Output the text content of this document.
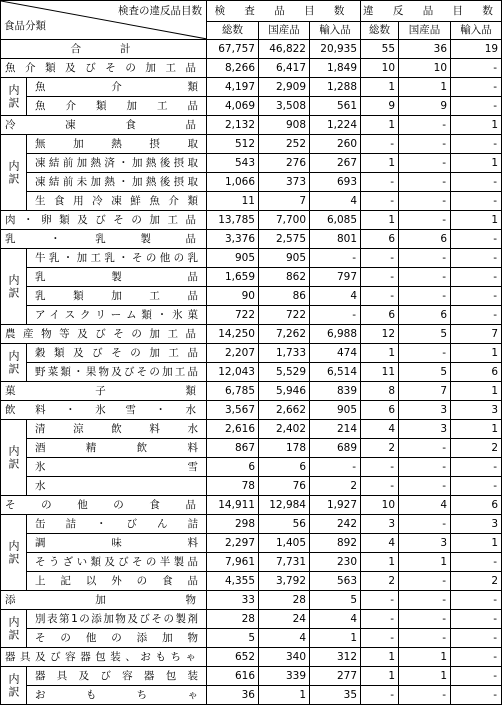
検査の違反品目数
食品分類		検 査 品 目 数			違 反 品 目 数		
		総数	国産品	輸入品	総数	国産品	輸入品
合　　計		67,757	46,822	20,935	55	36	19
魚介類及びその加工品		8,266	6,417	1,849	10	10	-
内訳	魚　　介　　類	4,197	2,909	1,288	1	1	-
	魚介類加工品	4,069	3,508	561	9	9	-
冷凍食品		2,132	908	1,224	1	-	1
内訳	無加熱摂取	512	252	260	-	-	-
	凍結前加熱済・加熱後摂取	543	276	267	1	-	1
	凍結前未加熱・加熱後摂取	1,066	373	693	-	-	-
	生食用冷凍鮮魚介類	11	7	4	-	-	-
肉・卵類及びその加工品		13,785	7,700	6,085	1	-	1
乳・乳製品		3,376	2,575	801	6	6	-
内訳	牛乳・加工乳・その他の乳	905	905	-	-	-	-
	乳製品	1,659	862	797	-	-	-
	乳類加工品	90	86	4	-	-	-
	アイスクリーム類・氷菓	722	722	-	6	6	-
農産物等及びその加工品		14,250	7,262	6,988	12	5	7
内訳	穀類及びその加工品	2,207	1,733	474	1	-	1
	野菜類・果物及びその加工品	12,043	5,529	6,514	11	5	6
菓子類		6,785	5,946	839	8	7	1
飲料・氷雪・水		3,567	2,662	905	6	3	3
内訳	清涼飲料水	2,616	2,402	214	4	3	1
	酒精飲料	867	178	689	2	-	2
	氷雪	6	6	-	-	-	-
	水	78	76	2	-	-	-
その他の食品		14,911	12,984	1,927	10	4	6
内訳	缶詰・びん詰	298	56	242	3	-	3
	調味料	2,297	1,405	892	4	3	1
	そうざい類及びその半製品	7,961	7,731	230	1	1	-
	上記以外の食品	4,355	3,792	563	2	-	2
添加物		33	28	5	-	-	-
内訳	別表第1の添加物及びその製剤	28	24	4	-	-	-
	その他の添加物	5	4	1	-	-	-
器具及び容器包装、おもちゃ		652	340	312	1	1	-
内訳	器具及び容器包装	616	339	277	1	1	-
	おもちゃ	36	1	35	-	-	-
